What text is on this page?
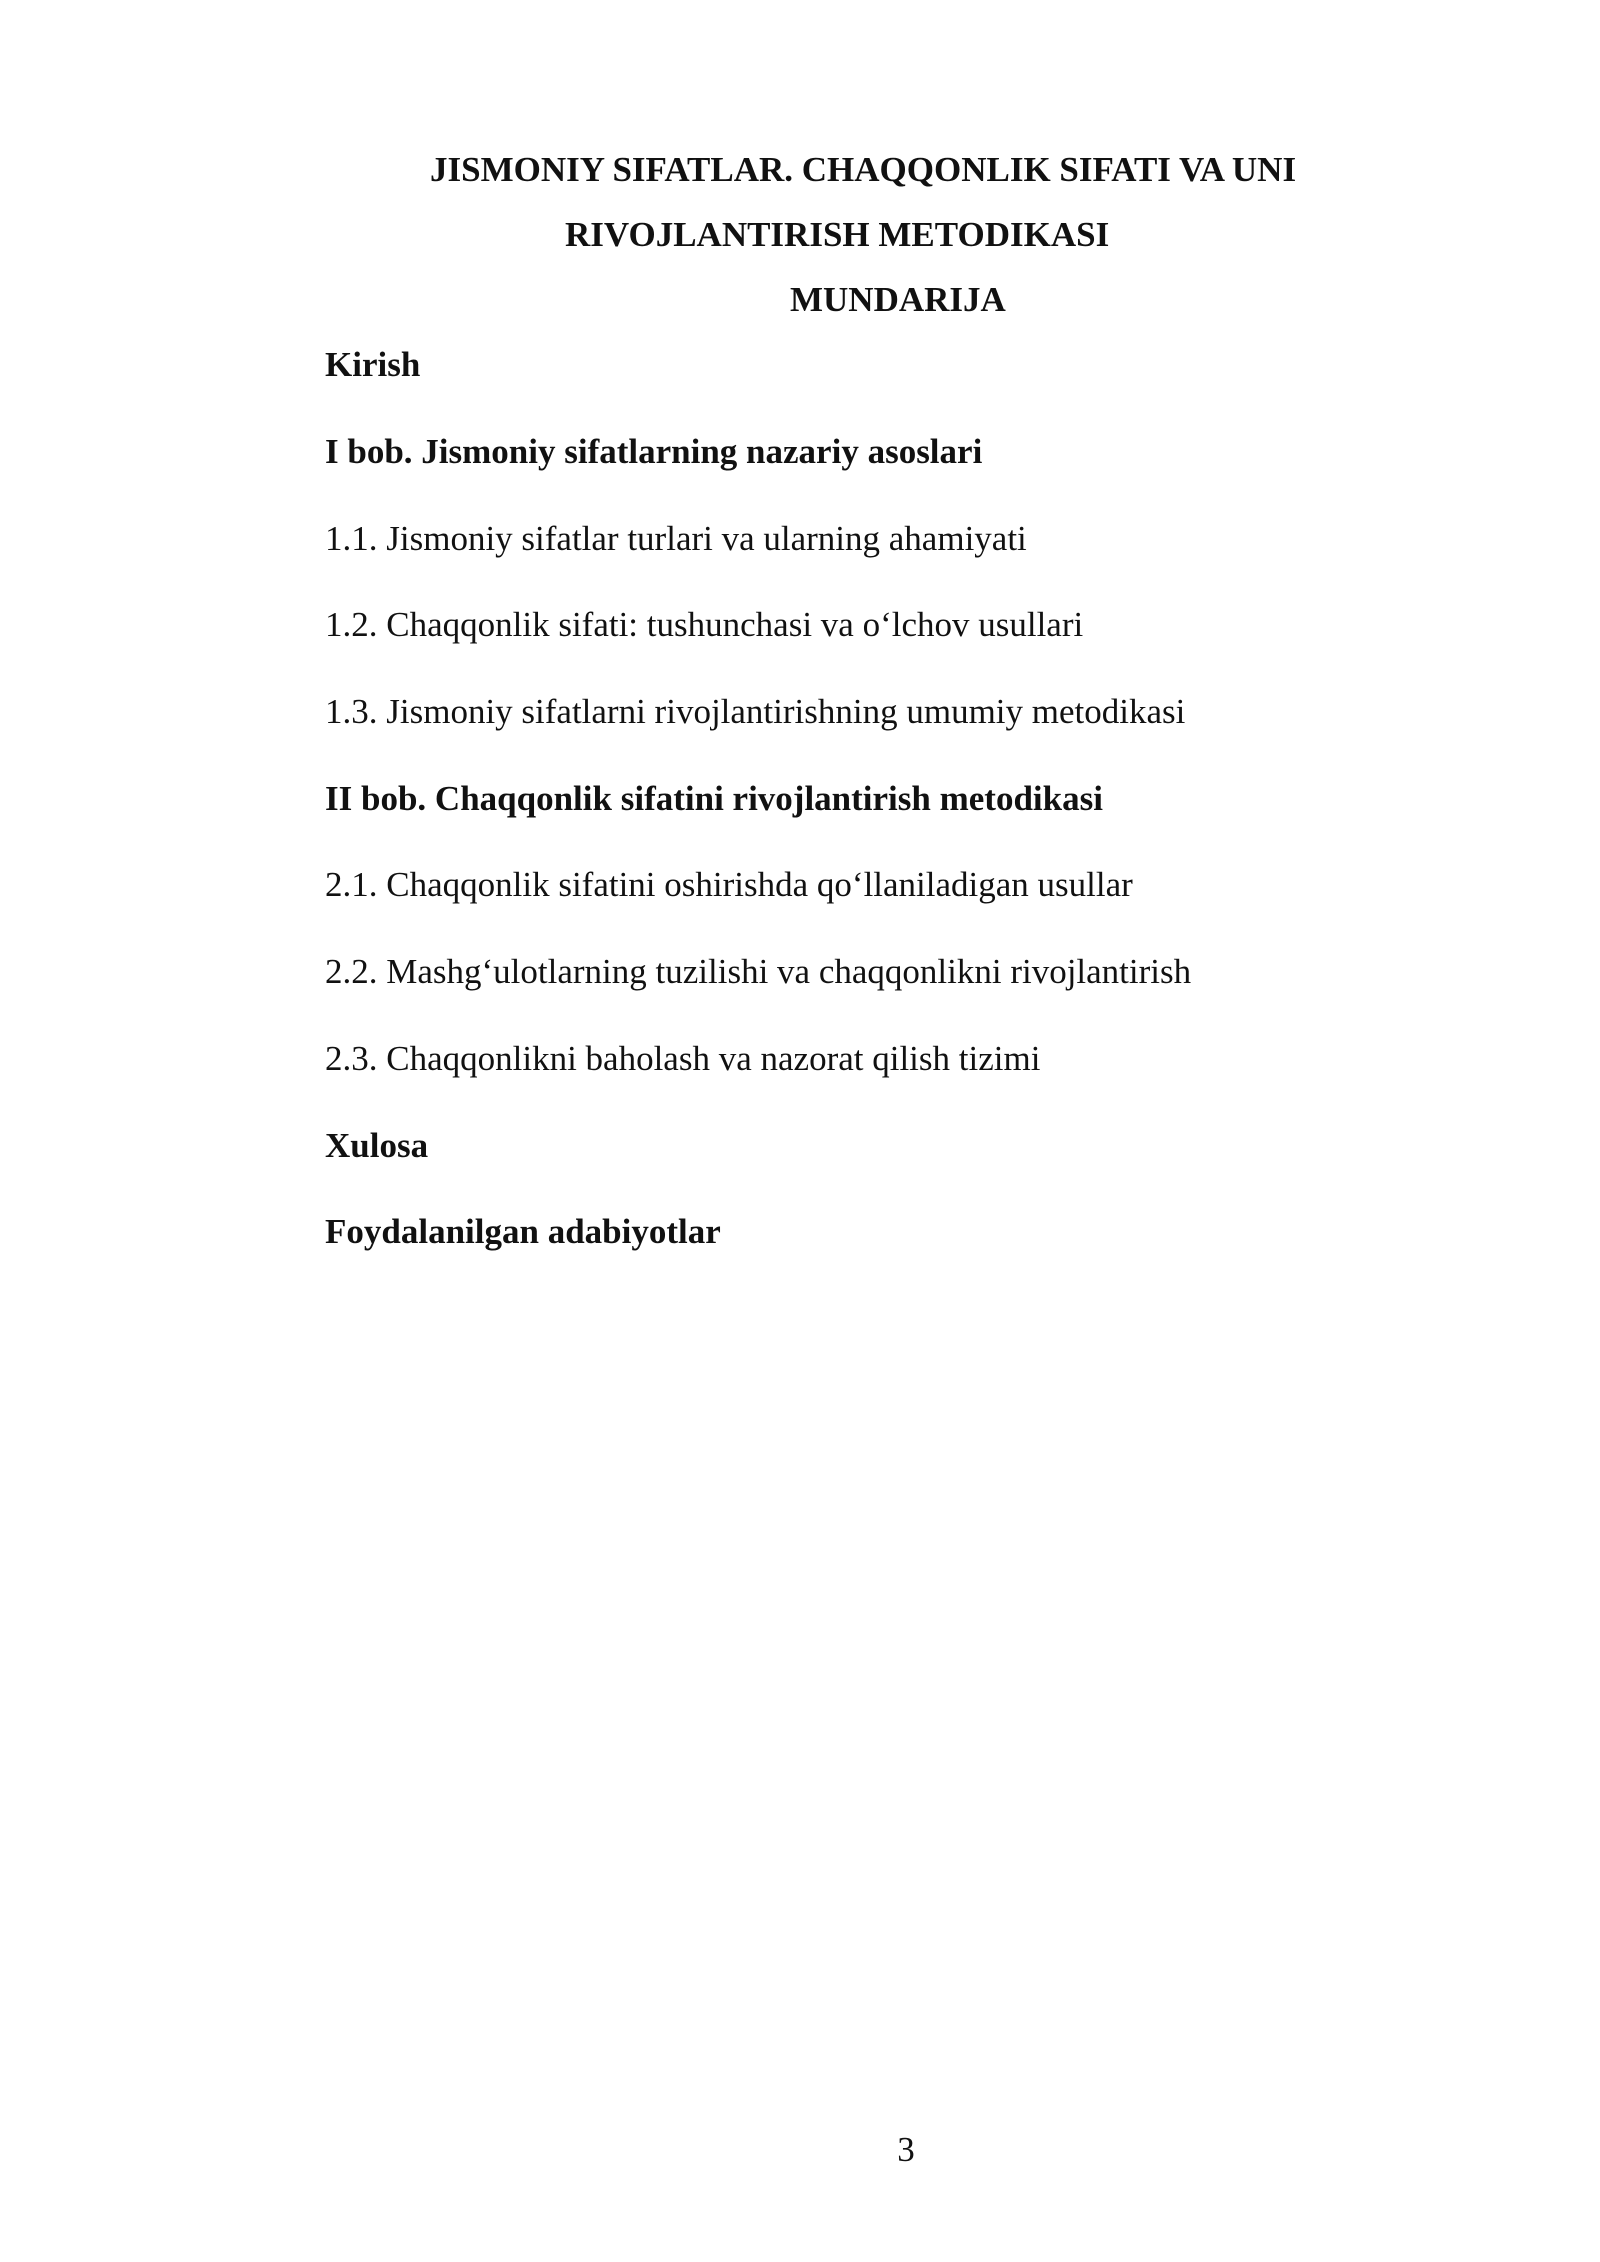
JISMONIY SIFATLAR. CHAQQONLIK SIFATI VA UNI
RIVOJLANTIRISH METODIKASI
MUNDARIJA
Kirish
I bob. Jismoniy sifatlarning nazariy asoslari
1.1. Jismoniy sifatlar turlari va ularning ahamiyati
1.2. Chaqqonlik sifati: tushunchasi va o‘lchov usullari
1.3. Jismoniy sifatlarni rivojlantirishning umumiy metodikasi
II bob. Chaqqonlik sifatini rivojlantirish metodikasi
2.1. Chaqqonlik sifatini oshirishda qo‘llaniladigan usullar
2.2. Mashg‘ulotlarning tuzilishi va chaqqonlikni rivojlantirish
2.3. Chaqqonlikni baholash va nazorat qilish tizimi
Xulosa
Foydalanilgan adabiyotlar
3
